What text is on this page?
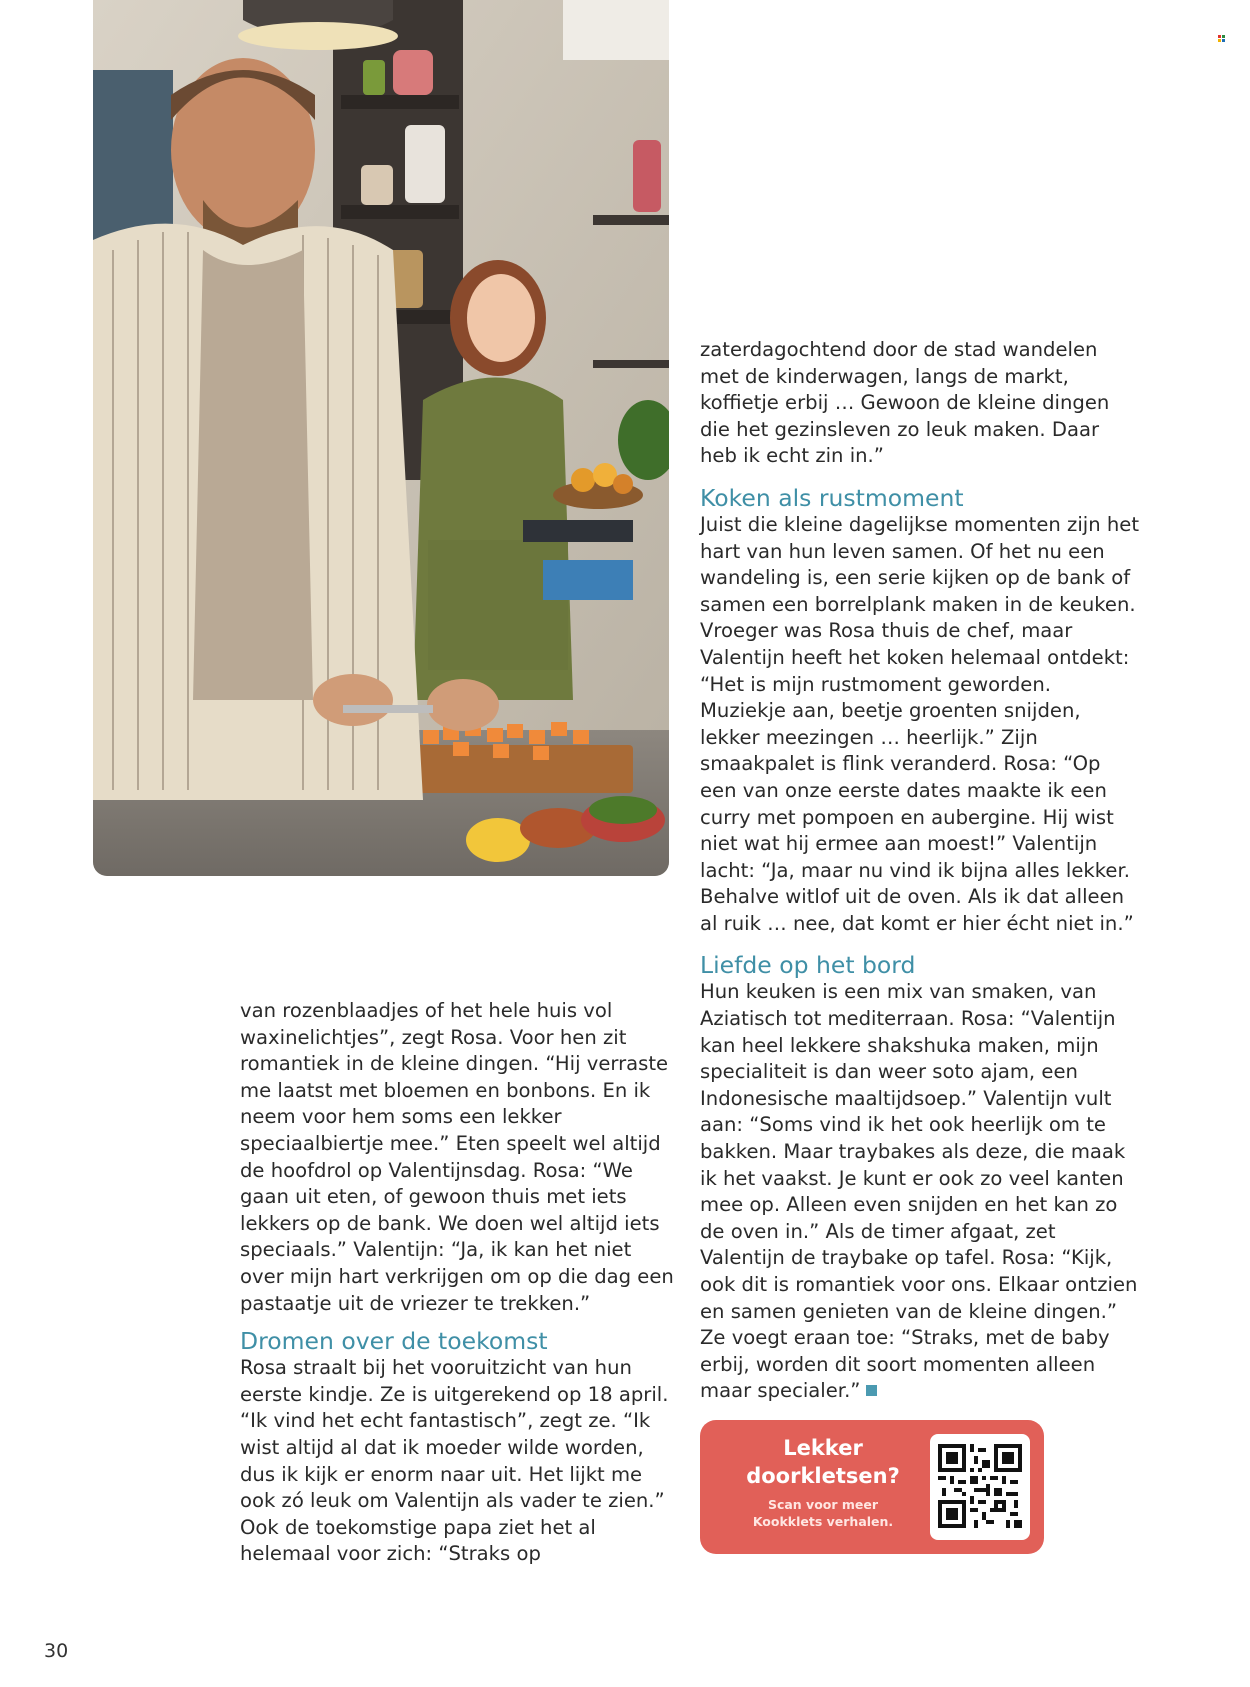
van rozenblaadjes of het hele huis vol waxinelichtjes”, zegt Rosa. Voor hen zit romantiek in de kleine dingen. “Hij verraste me laatst met bloemen en bonbons. En ik neem voor hem soms een lekker speciaalbiertje mee.” Eten speelt wel altijd de hoofdrol op Valentijnsdag. Rosa: “We gaan uit eten, of gewoon thuis met iets lekkers op de bank. We doen wel altijd iets speciaals.” Valentijn: “Ja, ik kan het niet over mijn hart verkrijgen om op die dag een pastaatje uit de vriezer te trekken.”

Dromen over de toekomst

Rosa straalt bij het vooruitzicht van hun eerste kindje. Ze is uitgerekend op 18 april. “Ik vind het echt fantastisch”, zegt ze. “Ik wist altijd al dat ik moeder wilde worden, dus ik kijk er enorm naar uit. Het lijkt me ook zó leuk om Valentijn als vader te zien.” Ook de toekomstige papa ziet het al helemaal voor zich: “Straks op

zaterdagochtend door de stad wandelen met de kinderwagen, langs de markt, koffietje erbij … Gewoon de kleine dingen die het gezinsleven zo leuk maken. Daar heb ik echt zin in.”

Koken als rustmoment

Juist die kleine dagelijkse momenten zijn het hart van hun leven samen. Of het nu een wandeling is, een serie kijken op de bank of samen een borrelplank maken in de keuken. Vroeger was Rosa thuis de chef, maar Valentijn heeft het koken helemaal ontdekt: “Het is mijn rustmoment geworden. Muziekje aan, beetje groenten snijden, lekker meezingen … heerlijk.” Zijn smaakpalet is flink veranderd. Rosa: “Op een van onze eerste dates maakte ik een curry met pompoen en aubergine. Hij wist niet wat hij ermee aan moest!” Valentijn lacht: “Ja, maar nu vind ik bijna alles lekker. Behalve witlof uit de oven. Als ik dat alleen al ruik … nee, dat komt er hier écht niet in.”

Liefde op het bord

Hun keuken is een mix van smaken, van Aziatisch tot mediterraan. Rosa: “Valentijn kan heel lekkere shakshuka maken, mijn specialiteit is dan weer soto ajam, een Indonesische maaltijdsoep.” Valentijn vult aan: “Soms vind ik het ook heerlijk om te bakken. Maar traybakes als deze, die maak ik het vaakst. Je kunt er ook zo veel kanten mee op. Alleen even snijden en het kan zo de oven in.” Als de timer afgaat, zet Valentijn de traybake op tafel. Rosa: “Kijk, ook dit is romantiek voor ons. Elkaar ontzien en samen genieten van de kleine dingen.”

Ze voegt eraan toe: “Straks, met de baby erbij, worden dit soort momenten alleen maar specialer.”

Lekker
doorkletsen?
Scan voor meer
Kookklets verhalen.
30
